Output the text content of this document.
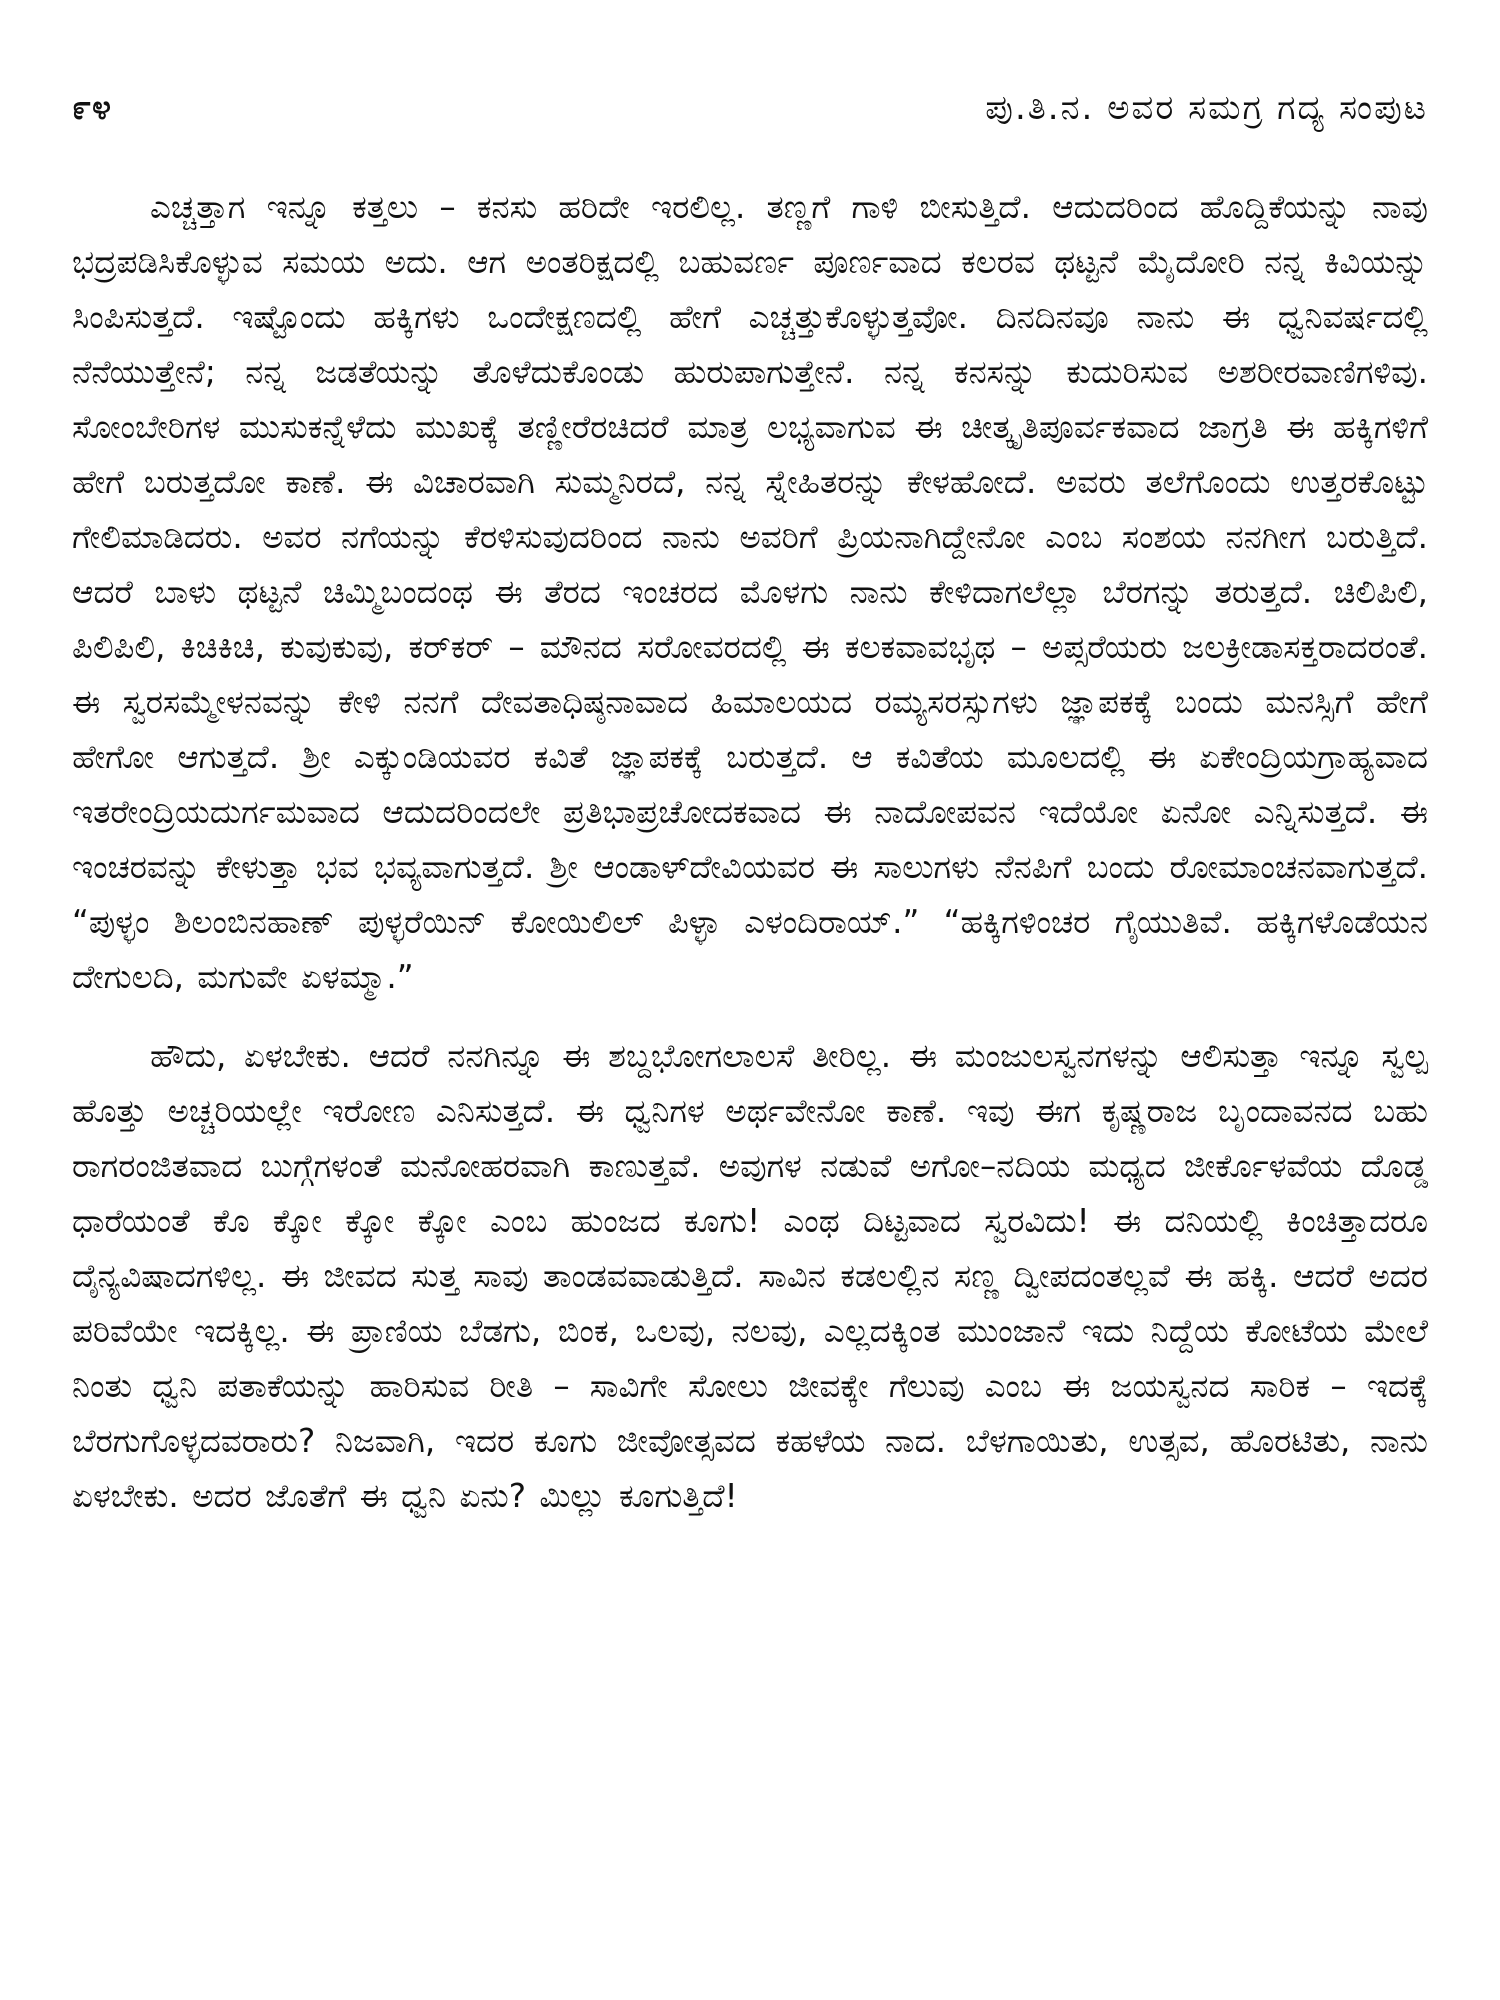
೯೪	ಪು.ತಿ.ನ. ಅವರ ಸಮಗ್ರ ಗದ್ಯ ಸಂಪುಟ

ಎಚ್ಚತ್ತಾಗ ಇನ್ನೂ ಕತ್ತಲು – ಕನಸು ಹರಿದೇ ಇರಲಿಲ್ಲ. ತಣ್ಣಗೆ ಗಾಳಿ ಬೀಸುತ್ತಿದೆ. ಆದುದರಿಂದ ಹೊದ್ದಿಕೆಯನ್ನು ನಾವು ಭದ್ರಪಡಿಸಿಕೊಳ್ಳುವ ಸಮಯ ಅದು. ಆಗ ಅಂತರಿಕ್ಷದಲ್ಲಿ ಬಹುವರ್ಣ ಪೂರ್ಣವಾದ ಕಲರವ ಥಟ್ಟನೆ ಮೈದೋರಿ ನನ್ನ ಕಿವಿಯನ್ನು ಸಿಂಪಿಸುತ್ತದೆ. ಇಷ್ಟೊಂದು ಹಕ್ಕಿಗಳು ಒಂದೇಕ್ಷಣದಲ್ಲಿ ಹೇಗೆ ಎಚ್ಚತ್ತುಕೊಳ್ಳುತ್ತವೋ. ದಿನದಿನವೂ ನಾನು ಈ ಧ್ವನಿವರ್ಷದಲ್ಲಿ ನೆನೆಯುತ್ತೇನೆ; ನನ್ನ ಜಡತೆಯನ್ನು ತೊಳೆದುಕೊಂಡು ಹುರುಪಾಗುತ್ತೇನೆ. ನನ್ನ ಕನಸನ್ನು ಕುದುರಿಸುವ ಅಶರೀರವಾಣಿಗಳಿವು. ಸೋಂಬೇರಿಗಳ ಮುಸುಕನ್ನೆಳೆದು ಮುಖಕ್ಕೆ ತಣ್ಣೀರೆರಚಿದರೆ ಮಾತ್ರ ಲಭ್ಯವಾಗುವ ಈ ಚೀತ್ಕೃತಿಪೂರ್ವಕವಾದ ಜಾಗ್ರತಿ ಈ ಹಕ್ಕಿಗಳಿಗೆ ಹೇಗೆ ಬರುತ್ತದೋ ಕಾಣೆ. ಈ ವಿಚಾರವಾಗಿ ಸುಮ್ಮನಿರದೆ, ನನ್ನ ಸ್ನೇಹಿತರನ್ನು ಕೇಳಹೋದೆ. ಅವರು ತಲೆಗೊಂದು ಉತ್ತರಕೊಟ್ಟು ಗೇಲಿಮಾಡಿದರು. ಅವರ ನಗೆಯನ್ನು ಕೆರಳಿಸುವುದರಿಂದ ನಾನು ಅವರಿಗೆ ಪ್ರಿಯನಾಗಿದ್ದೇನೋ ಎಂಬ ಸಂಶಯ ನನಗೀಗ ಬರುತ್ತಿದೆ. ಆದರೆ ಬಾಳು ಥಟ್ಟನೆ ಚಿಮ್ಮಿಬಂದಂಥ ಈ ತೆರದ ಇಂಚರದ ಮೊಳಗು ನಾನು ಕೇಳಿದಾಗಲೆಲ್ಲಾ ಬೆರಗನ್ನು ತರುತ್ತದೆ. ಚಿಲಿಪಿಲಿ, ಪಿಲಿಪಿಲಿ, ಕಿಚಿಕಿಚಿ, ಕುವುಕುವು, ಕರ್‌ಕರ್ – ಮೌನದ ಸರೋವರದಲ್ಲಿ ಈ ಕಲಕವಾವಭೃಥ – ಅಪ್ಸರೆಯರು ಜಲಕ್ರೀಡಾಸಕ್ತರಾದರಂತೆ. ಈ ಸ್ವರಸಮ್ಮೇಳನವನ್ನು ಕೇಳಿ ನನಗೆ ದೇವತಾಧಿಷ್ಠನಾವಾದ ಹಿಮಾಲಯದ ರಮ್ಯಸರಸ್ಸುಗಳು ಜ್ಞಾಪಕಕ್ಕೆ ಬಂದು ಮನಸ್ಸಿಗೆ ಹೇಗೆ ಹೇಗೋ ಆಗುತ್ತದೆ. ಶ್ರೀ ಎಕ್ಕುಂಡಿಯವರ ಕವಿತೆ ಜ್ಞಾಪಕಕ್ಕೆ ಬರುತ್ತದೆ. ಆ ಕವಿತೆಯ ಮೂಲದಲ್ಲಿ ಈ ಏಕೇಂದ್ರಿಯಗ್ರಾಹ್ಯವಾದ ಇತರೇಂದ್ರಿಯದುರ್ಗಮವಾದ ಆದುದರಿಂದಲೇ ಪ್ರತಿಭಾಪ್ರಚೋದಕವಾದ ಈ ನಾದೋಪವನ ಇದೆಯೋ ಏನೋ ಎನ್ನಿಸುತ್ತದೆ. ಈ ಇಂಚರವನ್ನು ಕೇಳುತ್ತಾ ಭವ ಭವ್ಯವಾಗುತ್ತದೆ. ಶ್ರೀ ಆಂಡಾಳ್‌ದೇವಿಯವರ ಈ ಸಾಲುಗಳು ನೆನಪಿಗೆ ಬಂದು ರೋಮಾಂಚನವಾಗುತ್ತದೆ. “ಪುಳ್ಳಂ ಶಿಲಂಬಿನಹಾಣ್ ಪುಳ್ಳರೆಯಿನ್ ಕೋಯಿಲಿಲ್ ಪಿಳ್ಳಾ ಎಳಂದಿರಾಯ್.” “ಹಕ್ಕಿಗಳಿಂಚರ ಗೈಯುತಿವೆ. ಹಕ್ಕಿಗಳೊಡೆಯನ ದೇಗುಲದಿ, ಮಗುವೇ ಏಳಮ್ಮಾ.”

ಹೌದು, ಏಳಬೇಕು. ಆದರೆ ನನಗಿನ್ನೂ ಈ ಶಬ್ದಭೋಗಲಾಲಸೆ ತೀರಿಲ್ಲ. ಈ ಮಂಜುಲಸ್ವನಗಳನ್ನು ಆಲಿಸುತ್ತಾ ಇನ್ನೂ ಸ್ವಲ್ಪ ಹೊತ್ತು ಅಚ್ಚರಿಯಲ್ಲೇ ಇರೋಣ ಎನಿಸುತ್ತದೆ. ಈ ಧ್ವನಿಗಳ ಅರ್ಥವೇನೋ ಕಾಣೆ. ಇವು ಈಗ ಕೃಷ್ಣರಾಜ ಬೃಂದಾವನದ ಬಹು ರಾಗರಂಜಿತವಾದ ಬುಗ್ಗೆಗಳಂತೆ ಮನೋಹರವಾಗಿ ಕಾಣುತ್ತವೆ. ಅವುಗಳ ನಡುವೆ ಅಗೋ–ನದಿಯ ಮಧ್ಯದ ಜೀರ್ಕೊಳವೆಯ ದೊಡ್ಡ ಧಾರೆಯಂತೆ ಕೊ ಕ್ಕೋ ಕ್ಕೋ ಕ್ಕೋ ಎಂಬ ಹುಂಜದ ಕೂಗು! ಎಂಥ ದಿಟ್ಟವಾದ ಸ್ವರವಿದು! ಈ ದನಿಯಲ್ಲಿ ಕಿಂಚಿತ್ತಾದರೂ ದೈನ್ಯವಿಷಾದಗಳಿಲ್ಲ. ಈ ಜೀವದ ಸುತ್ತ ಸಾವು ತಾಂಡವವಾಡುತ್ತಿದೆ. ಸಾವಿನ ಕಡಲಲ್ಲಿನ ಸಣ್ಣ ದ್ವೀಪದಂತಲ್ಲವೆ ಈ ಹಕ್ಕಿ. ಆದರೆ ಅದರ ಪರಿವೆಯೇ ಇದಕ್ಕಿಲ್ಲ. ಈ ಪ್ರಾಣಿಯ ಬೆಡಗು, ಬಿಂಕ, ಒಲವು, ನಲವು, ಎಲ್ಲದಕ್ಕಿಂತ ಮುಂಜಾನೆ ಇದು ನಿದ್ದೆಯ ಕೋಟೆಯ ಮೇಲೆ ನಿಂತು ಧ್ವನಿ ಪತಾಕೆಯನ್ನು ಹಾರಿಸುವ ರೀತಿ – ಸಾವಿಗೇ ಸೋಲು ಜೀವಕ್ಕೇ ಗೆಲುವು ಎಂಬ ಈ ಜಯಸ್ವನದ ಸಾರಿಕ – ಇದಕ್ಕೆ ಬೆರಗುಗೊಳ್ಳದವರಾರು? ನಿಜವಾಗಿ, ಇದರ ಕೂಗು ಜೀವೋತ್ಸವದ ಕಹಳೆಯ ನಾದ. ಬೆಳಗಾಯಿತು, ಉತ್ಸವ, ಹೊರಟಿತು, ನಾನು ಏಳಬೇಕು. ಅದರ ಜೊತೆಗೆ ಈ ಧ್ವನಿ ಏನು? ಮಿಲ್ಲು ಕೂಗುತ್ತಿದೆ!
